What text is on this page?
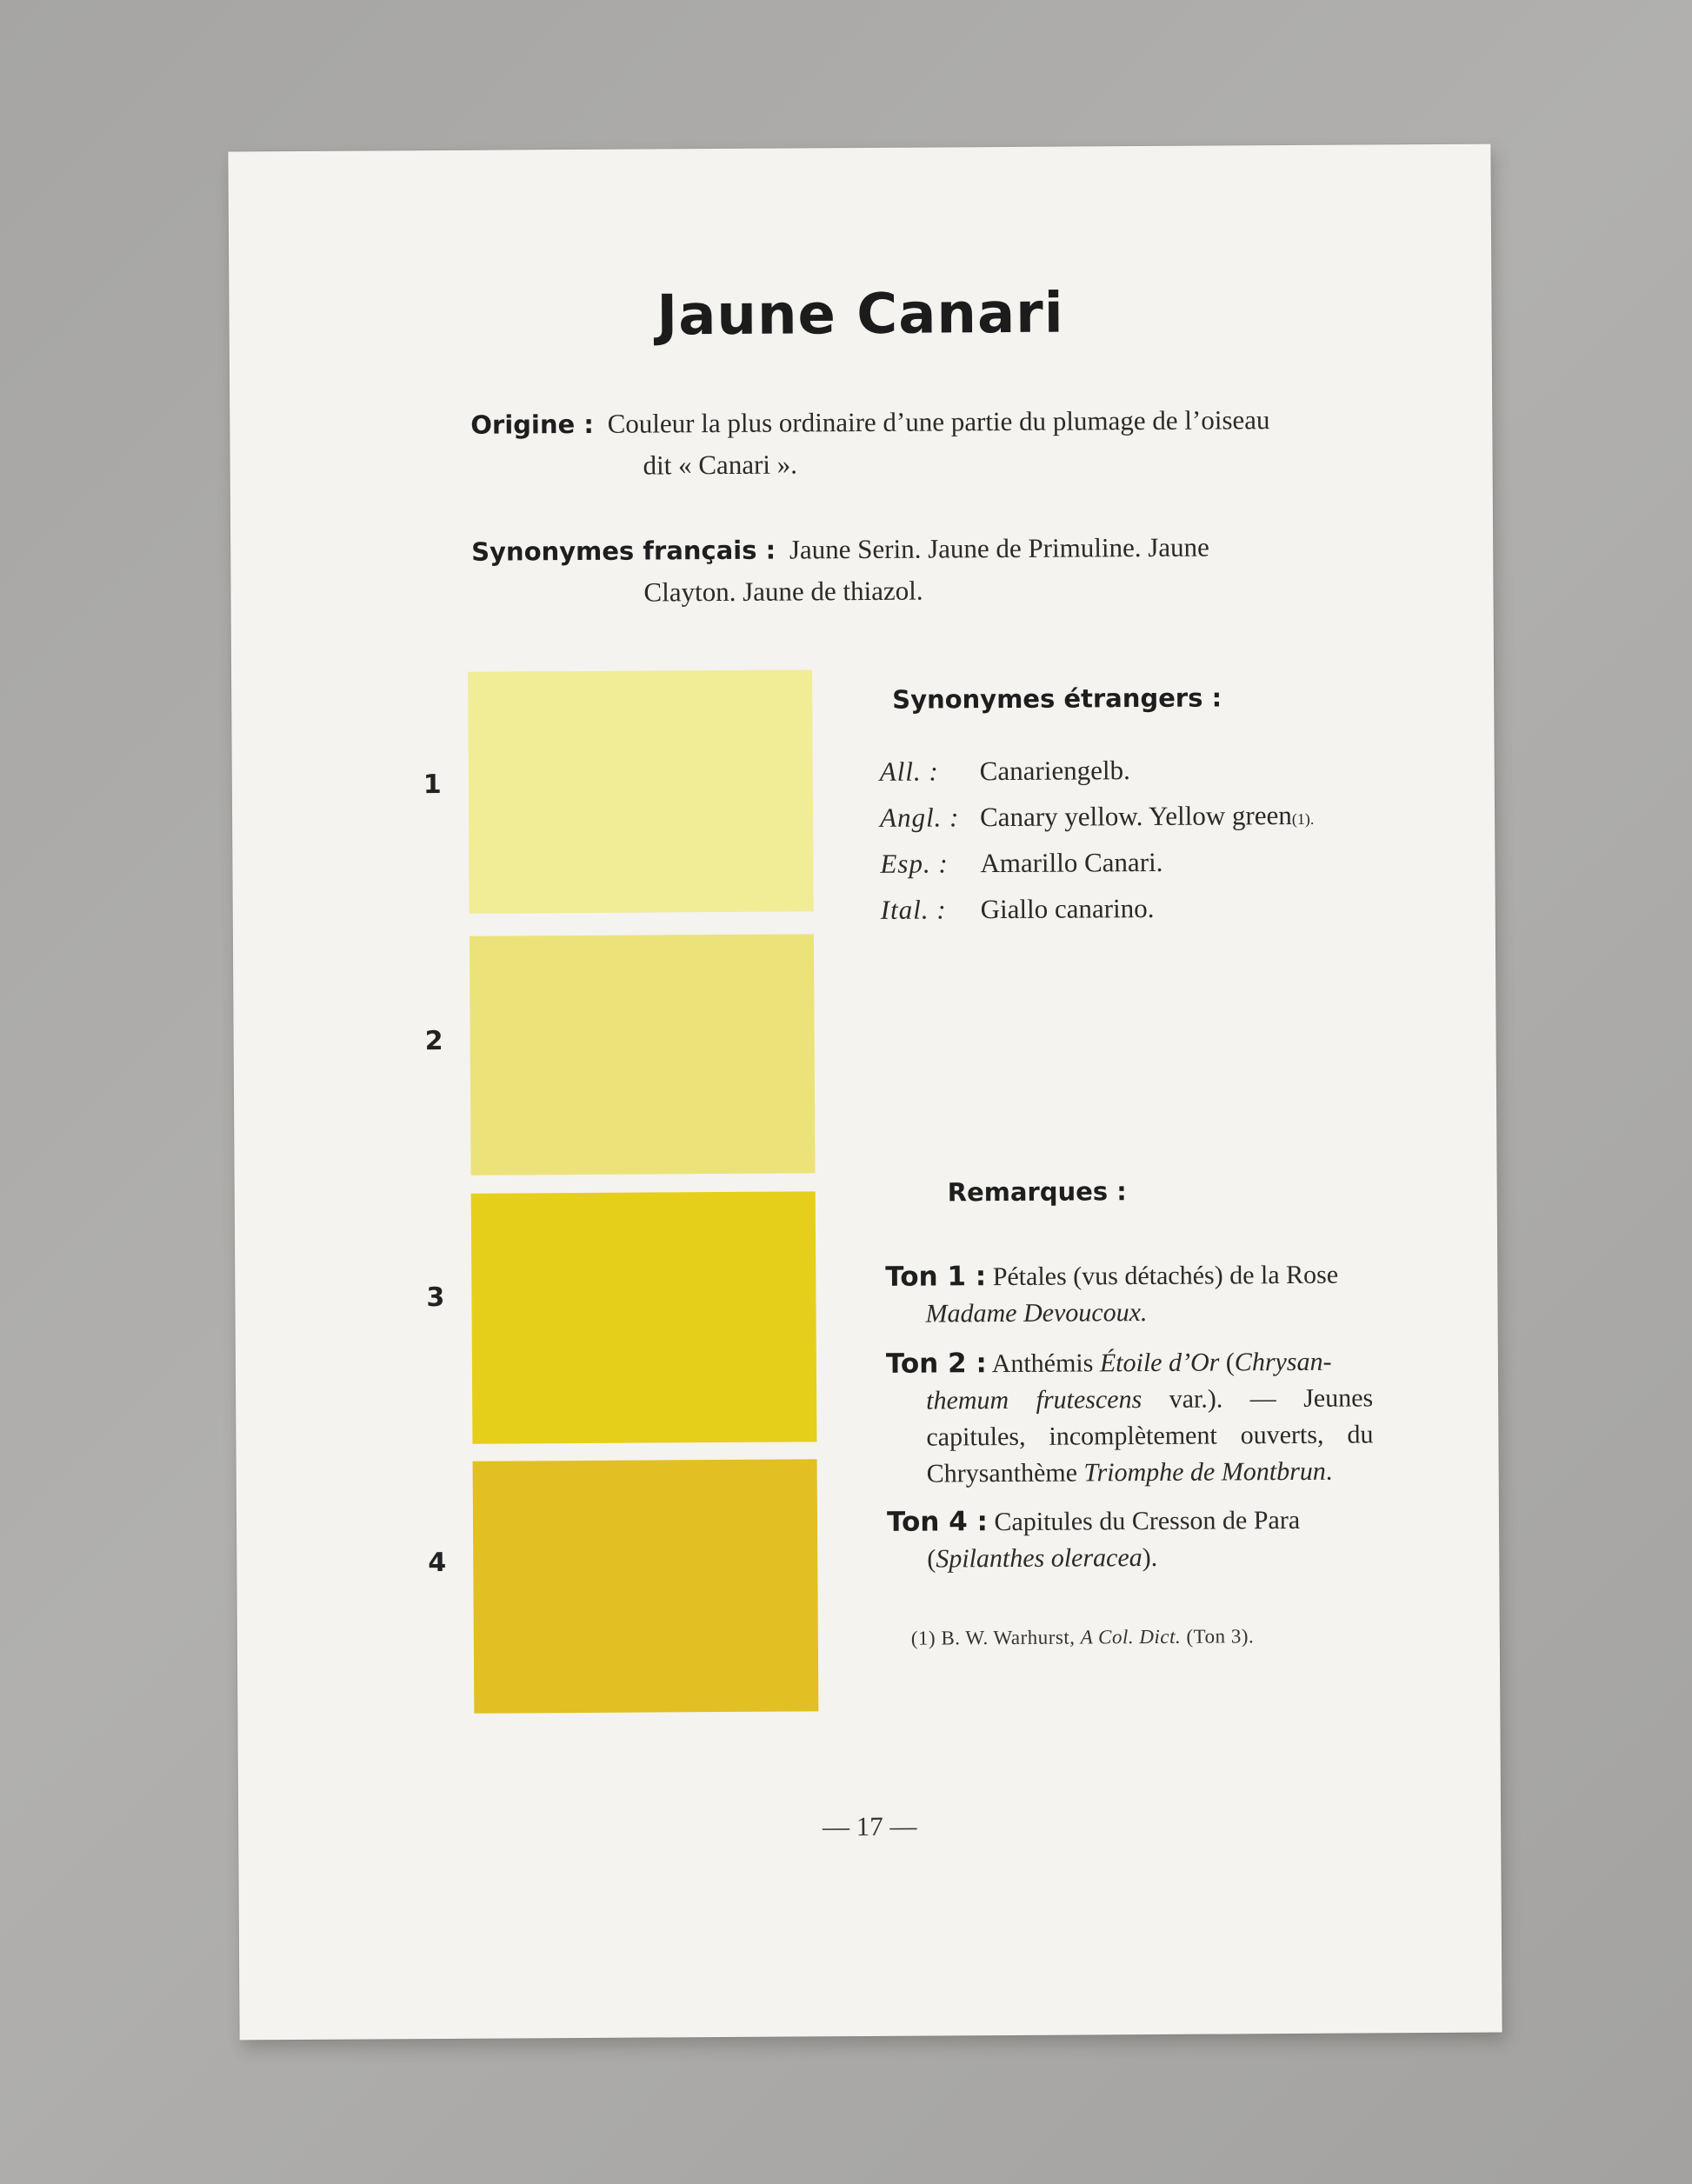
Jaune Canari
Origine : Couleur la plus ordinaire d’une partie du plumage de l’oiseau
dit « Canari ».
Synonymes français : Jaune Serin. Jaune de Primuline. Jaune
Clayton. Jaune de thiazol.
1
2
3
4
Synonymes étrangers :
All. :	Canariengelb.
Angl. : Canary yellow. Yellow green (1).
Esp. :	Amarillo Canari.
Ital. :	Giallo canarino.
Remarques :
Ton 1 : Pétales (vus détachés) de la Rose
Madame Devoucoux.
Ton 2 : Anthémis Étoile d’Or (Chrysan-
themum frutescens var.). — Jeunes capitules, incomplètement ouverts, du Chrysanthème Triomphe de Montbrun.
Ton 4 : Capitules du Cresson de Para
(Spilanthes oleracea).
(1) B. W. Warhurst, A Col. Dict. (Ton 3).
— 17 —
